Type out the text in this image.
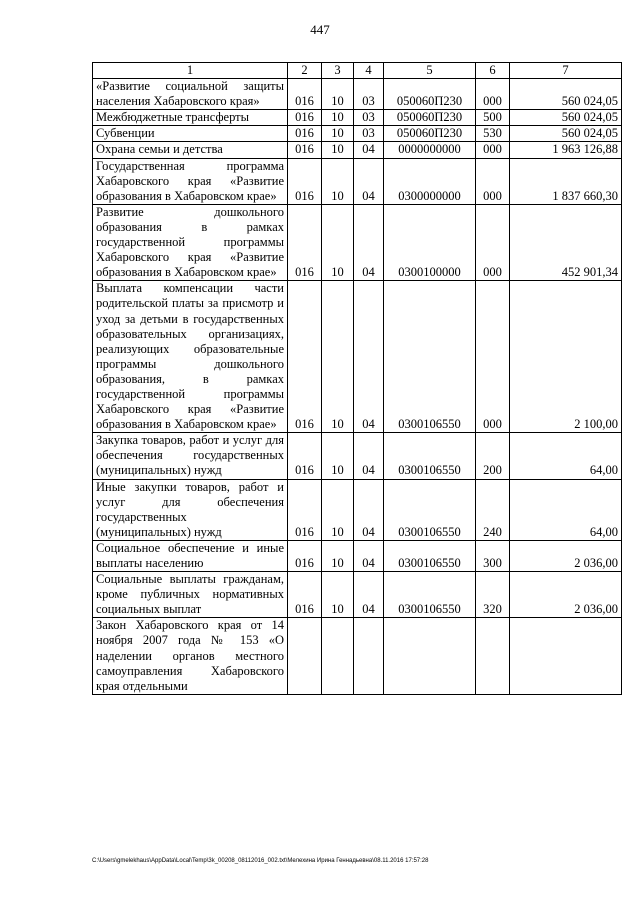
447
1	2	3	4	5	6	7
«Развитие социальной защиты населения Хабаровского края»	016	10	03	050060П230	000	560 024,05
Межбюджетные трансферты	016	10	03	050060П230	500	560 024,05
Субвенции	016	10	03	050060П230	530	560 024,05
Охрана семьи и детства	016	10	04	0000000000	000	1 963 126,88
Государственная программа Хабаровского края «Развитие образования в Хабаровском крае»	016	10	04	0300000000	000	1 837 660,30
Развитие дошкольного образования в рамках государственной программы Хабаровского края «Развитие образования в Хабаровском крае»	016	10	04	0300100000	000	452 901,34
Выплата компенсации части родительской платы за присмотр и уход за детьми в государственных образовательных организациях, реализующих образовательные программы дошкольного образования, в рамках государственной программы Хабаровского края «Развитие образования в Хабаровском крае»	016	10	04	0300106550	000	2 100,00
Закупка товаров, работ и услуг для обеспечения государственных (муниципальных) нужд	016	10	04	0300106550	200	64,00
Иные закупки товаров, работ и услуг для обеспечения государственных (муниципальных) нужд	016	10	04	0300106550	240	64,00
Социальное обеспечение и иные выплаты населению	016	10	04	0300106550	300	2 036,00
Социальные выплаты гражданам, кроме публичных нормативных социальных выплат	016	10	04	0300106550	320	2 036,00
Закон Хабаровского края от 14 ноября 2007 года № 153 «О наделении органов местного самоуправления Хабаровского края отдельными						
C:\Users\gmelekhaus\AppData\Local\Temp\3k_00208_08112016_002.txt\Мелехина Ирина Геннадьевна\08.11.2016 17:57:28
